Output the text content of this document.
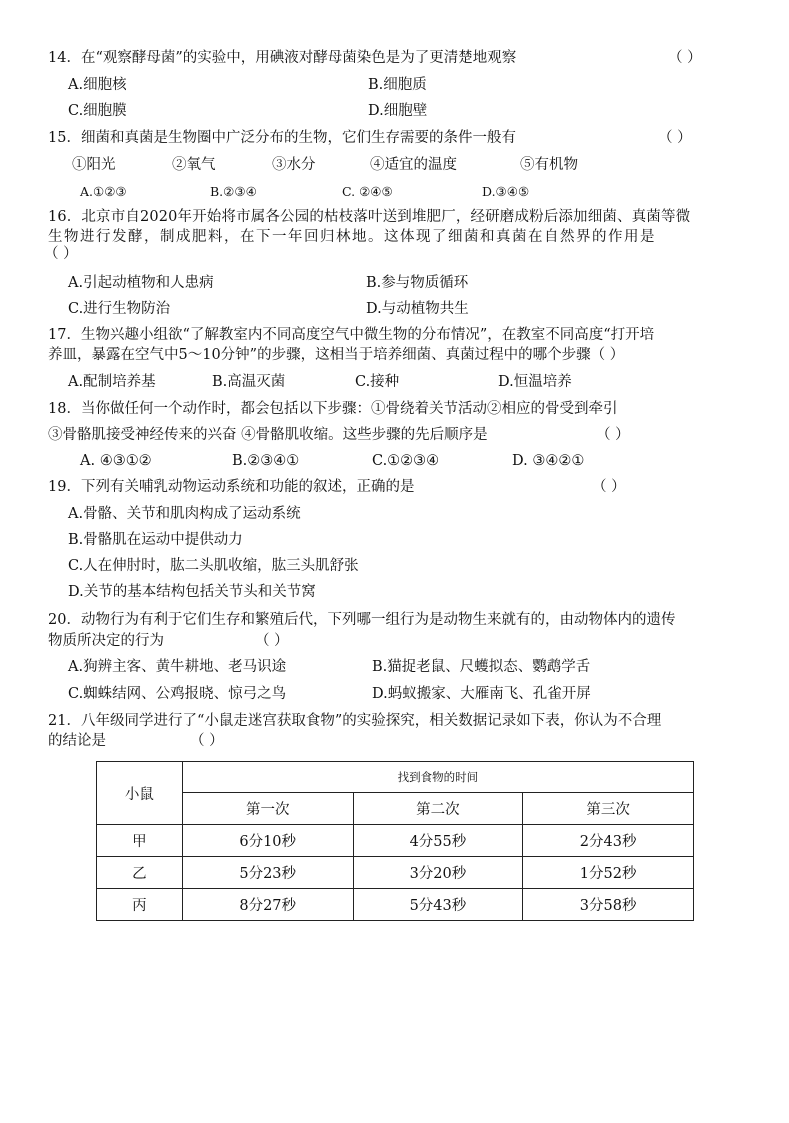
14．在“观察酵母菌”的实验中，用碘液对酵母菌染色是为了更清楚地观察	（ ）
A.细胞核	B.细胞质
C.细胞膜	D.细胞壁
15．细菌和真菌是生物圈中广泛分布的生物，它们生存需要的条件一般有	（ ）
①阳光	②氧气	③水分	④适宜的温度	⑤有机物
A.①②③	B.②③④	C. ②④⑤	D.③④⑤
16．北京市自2020年开始将市属各公园的枯枝落叶送到堆肥厂，经研磨成粉后添加细菌、真菌等微
生物进行发酵，制成肥料，在下一年回归林地。这体现了细菌和真菌在自然界的作用是
（ ）
A.引起动植物和人患病	B.参与物质循环
C.进行生物防治	D.与动植物共生
17．生物兴趣小组欲“了解教室内不同高度空气中微生物的分布情况”，在教室不同高度“打开培
养皿，暴露在空气中5～10分钟”的步骤，这相当于培养细菌、真菌过程中的哪个步骤（ ）
A.配制培养基	B.高温灭菌	C.接种	D.恒温培养
18．当你做任何一个动作时，都会包括以下步骤：①骨绕着关节活动②相应的骨受到牵引
③骨骼肌接受神经传来的兴奋 ④骨骼肌收缩。这些步骤的先后顺序是	（ ）
A. ④③①②	B.②③④①	C.①②③④	D. ③④②①
19．下列有关哺乳动物运动系统和功能的叙述，正确的是	（ ）
A.骨骼、关节和肌肉构成了运动系统
B.骨骼肌在运动中提供动力
C.人在伸肘时，肱二头肌收缩，肱三头肌舒张
D.关节的基本结构包括关节头和关节窝
20．动物行为有利于它们生存和繁殖后代，下列哪一组行为是动物生来就有的，由动物体内的遗传
物质所决定的行为	（ ）
A.狗辨主客、黄牛耕地、老马识途	B.猫捉老鼠、尺蠖拟态、鹦鹉学舌
C.蜘蛛结网、公鸡报晓、惊弓之鸟	D.蚂蚁搬家、大雁南飞、孔雀开屏
21．八年级同学进行了“小鼠走迷宫获取食物”的实验探究，相关数据记录如下表，你认为不合理
的结论是	（ ）
小鼠	找到食物的时间		
	第一次	第二次	第三次
甲	6分10秒	4分55秒	2分43秒
乙	5分23秒	3分20秒	1分52秒
丙	8分27秒	5分43秒	3分58秒
